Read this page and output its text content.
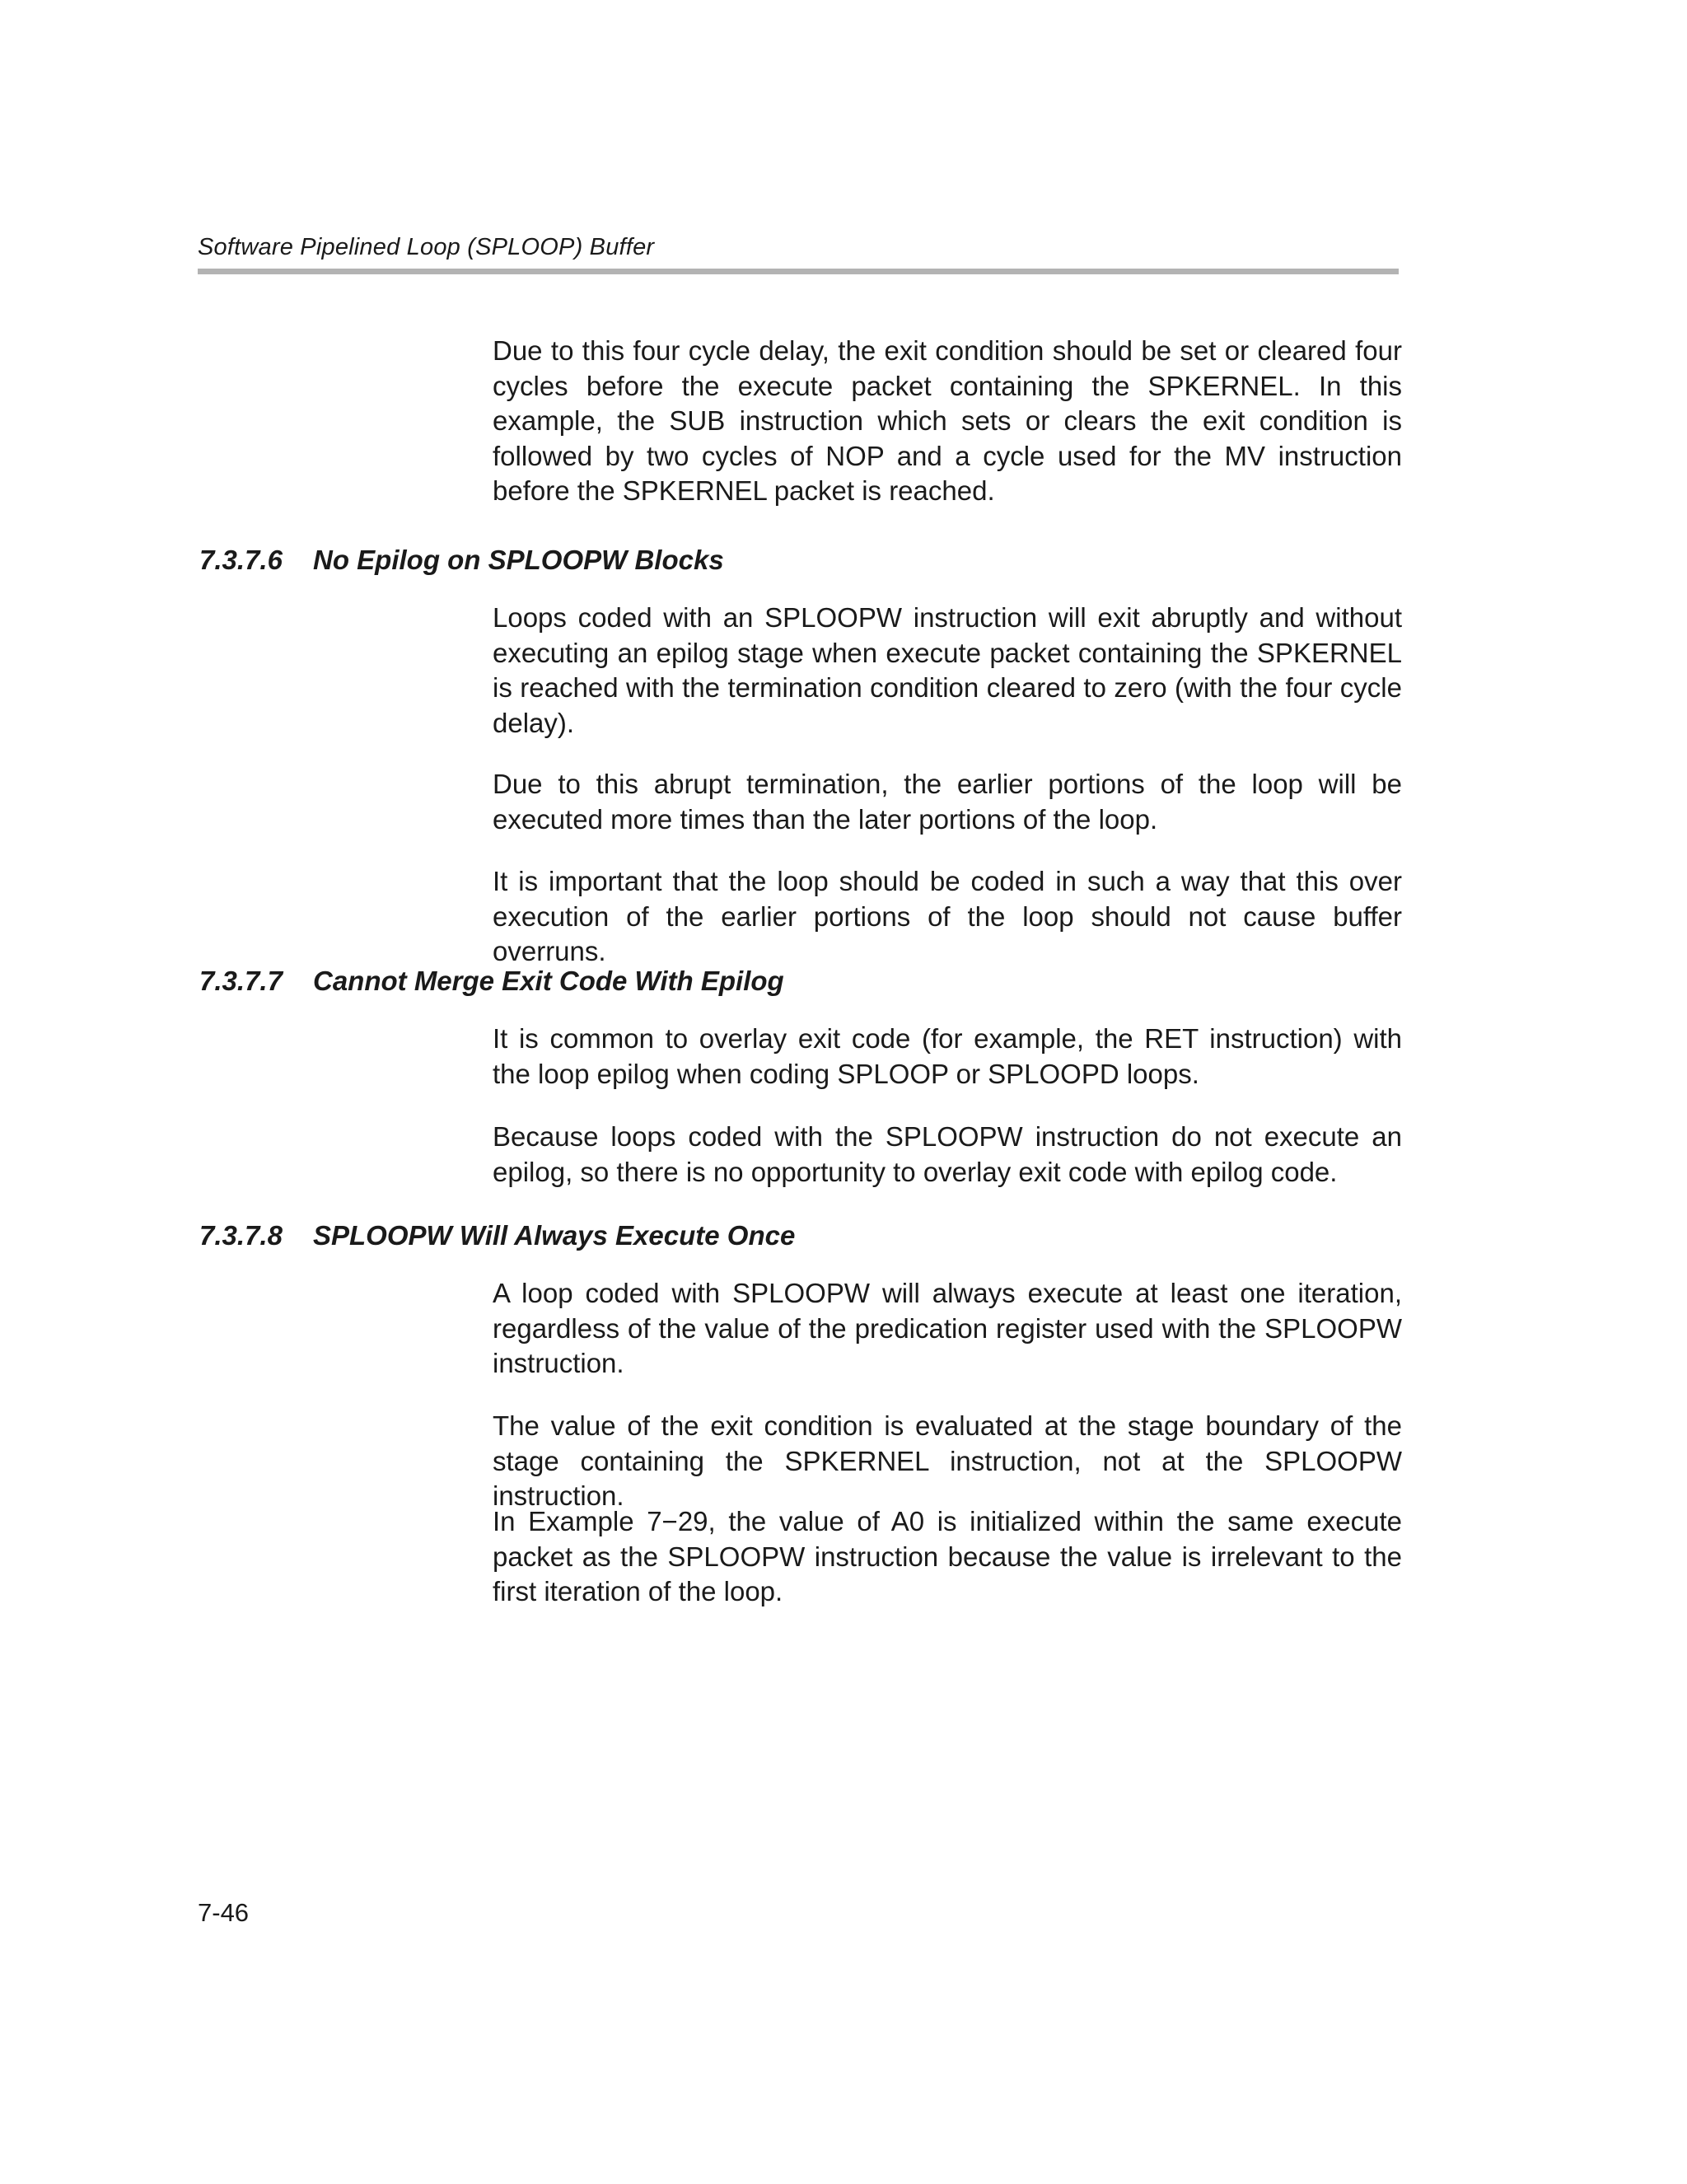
Software Pipelined Loop (SPLOOP) Buffer

Due to this four cycle delay, the exit condition should be set or cleared four cycles before the execute packet containing the SPKERNEL. In this example, the SUB instruction which sets or clears the exit condition is followed by two cycles of NOP and a cycle used for the MV instruction before the SPKERNEL packet is reached.

7.3.7.6 No Epilog on SPLOOPW Blocks

Loops coded with an SPLOOPW instruction will exit abruptly and without executing an epilog stage when execute packet containing the SPKERNEL is reached with the termination condition cleared to zero (with the four cycle delay).

Due to this abrupt termination, the earlier portions of the loop will be executed more times than the later portions of the loop.

It is important that the loop should be coded in such a way that this over execution of the earlier portions of the loop should not cause buffer overruns.

7.3.7.7 Cannot Merge Exit Code With Epilog

It is common to overlay exit code (for example, the RET instruction) with the loop epilog when coding SPLOOP or SPLOOPD loops.

Because loops coded with the SPLOOPW instruction do not execute an epilog, so there is no opportunity to overlay exit code with epilog code.

7.3.7.8 SPLOOPW Will Always Execute Once

A loop coded with SPLOOPW will always execute at least one iteration, regardless of the value of the predication register used with the SPLOOPW instruction.

The value of the exit condition is evaluated at the stage boundary of the stage containing the SPKERNEL instruction, not at the SPLOOPW instruction.

In Example 7−29, the value of A0 is initialized within the same execute packet as the SPLOOPW instruction because the value is irrelevant to the first iteration of the loop.

7-46
